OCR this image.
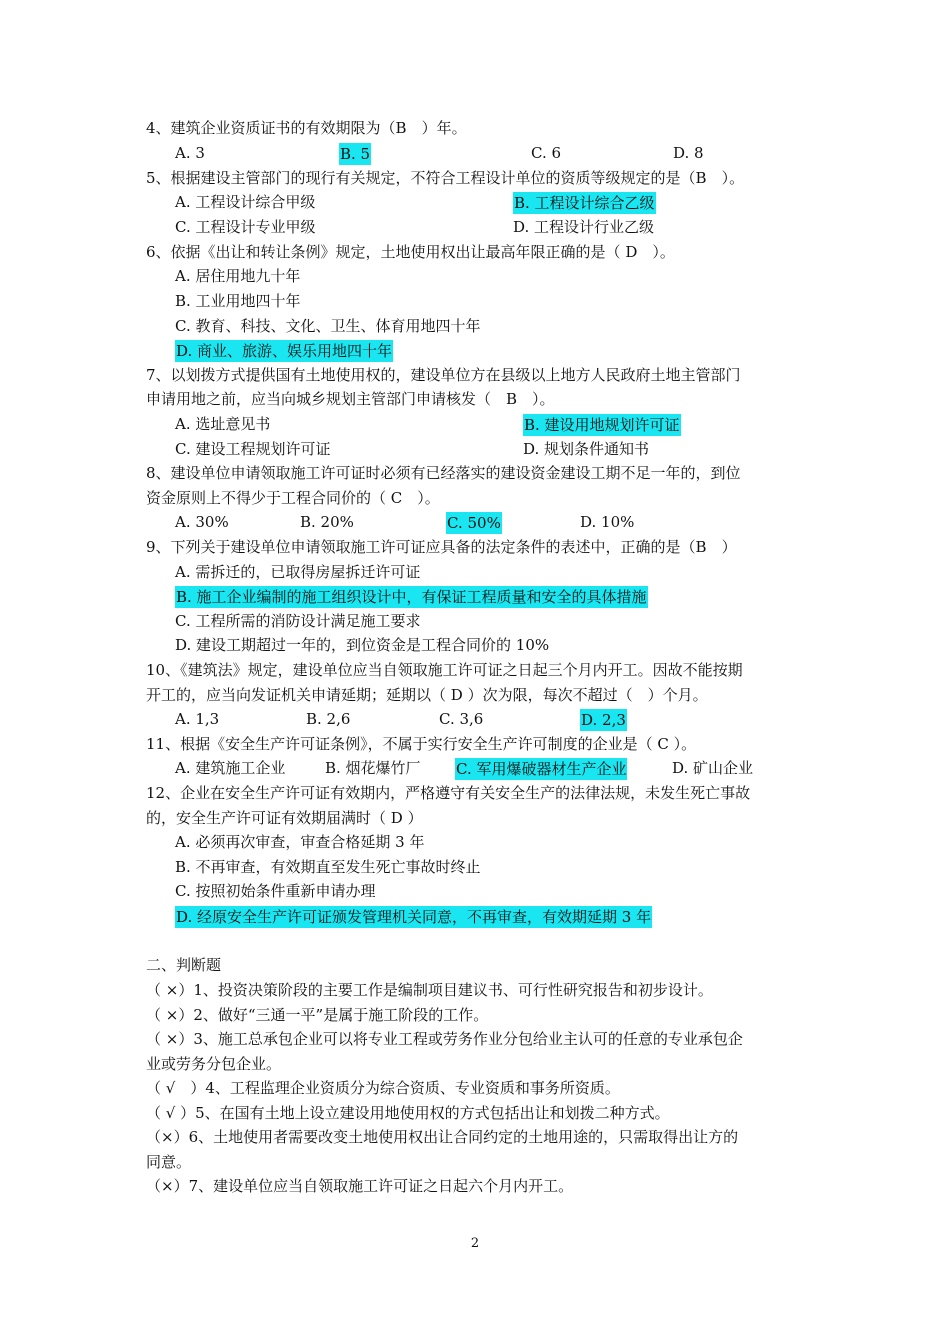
4、建筑企业资质证书的有效期限为（B　）年。
A. 3	B. 5	C. 6	D. 8
5、根据建设主管部门的现行有关规定，不符合工程设计单位的资质等级规定的是（B　）。
A. 工程设计综合甲级	B. 工程设计综合乙级
C. 工程设计专业甲级	D. 工程设计行业乙级
6、依据《出让和转让条例》规定，土地使用权出让最高年限正确的是（ D　）。
A. 居住用地九十年
B. 工业用地四十年
C. 教育、科技、文化、卫生、体育用地四十年
D. 商业、旅游、娱乐用地四十年
7、以划拨方式提供国有土地使用权的，建设单位方在县级以上地方人民政府土地主管部门
申请用地之前，应当向城乡规划主管部门申请核发（　B　）。
A. 选址意见书	B. 建设用地规划许可证
C. 建设工程规划许可证	D. 规划条件通知书
8、建设单位申请领取施工许可证时必须有已经落实的建设资金建设工期不足一年的，到位
资金原则上不得少于工程合同价的（ C　）。
A. 30%	B. 20%	C. 50%	D. 10%
9、下列关于建设单位申请领取施工许可证应具备的法定条件的表述中，正确的是（B　）
A. 需拆迁的，已取得房屋拆迁许可证
B. 施工企业编制的施工组织设计中，有保证工程质量和安全的具体措施
C. 工程所需的消防设计满足施工要求
D. 建设工期超过一年的，到位资金是工程合同价的 10%
10、《建筑法》规定，建设单位应当自领取施工许可证之日起三个月内开工。因故不能按期
开工的，应当向发证机关申请延期；延期以（ D ）次为限，每次不超过（　）个月。
A. 1,3	B. 2,6	C. 3,6	D. 2,3
11、根据《安全生产许可证条例》，不属于实行安全生产许可制度的企业是（ C ）。
A. 建筑施工企业	B. 烟花爆竹厂 C. 军用爆破器材生产企业	D. 矿山企业
12、企业在安全生产许可证有效期内，严格遵守有关安全生产的法律法规，未发生死亡事故
的，安全生产许可证有效期届满时（ D ）
A. 必须再次审查，审查合格延期 3 年
B. 不再审查，有效期直至发生死亡事故时终止
C. 按照初始条件重新申请办理
D. 经原安全生产许可证颁发管理机关同意，不再审查，有效期延期 3 年
二、判断题
（ ×）1、投资决策阶段的主要工作是编制项目建议书、可行性研究报告和初步设计。
（ ×）2、做好“三通一平”是属于施工阶段的工作。
（ ×）3、施工总承包企业可以将专业工程或劳务作业分包给业主认可的任意的专业承包企
业或劳务分包企业。
（ √　）4、工程监理企业资质分为综合资质、专业资质和事务所资质。
（ √ ）5、在国有土地上设立建设用地使用权的方式包括出让和划拨二种方式。
（×）6、土地使用者需要改变土地使用权出让合同约定的土地用途的，只需取得出让方的
同意。
（×）7、建设单位应当自领取施工许可证之日起六个月内开工。
2
